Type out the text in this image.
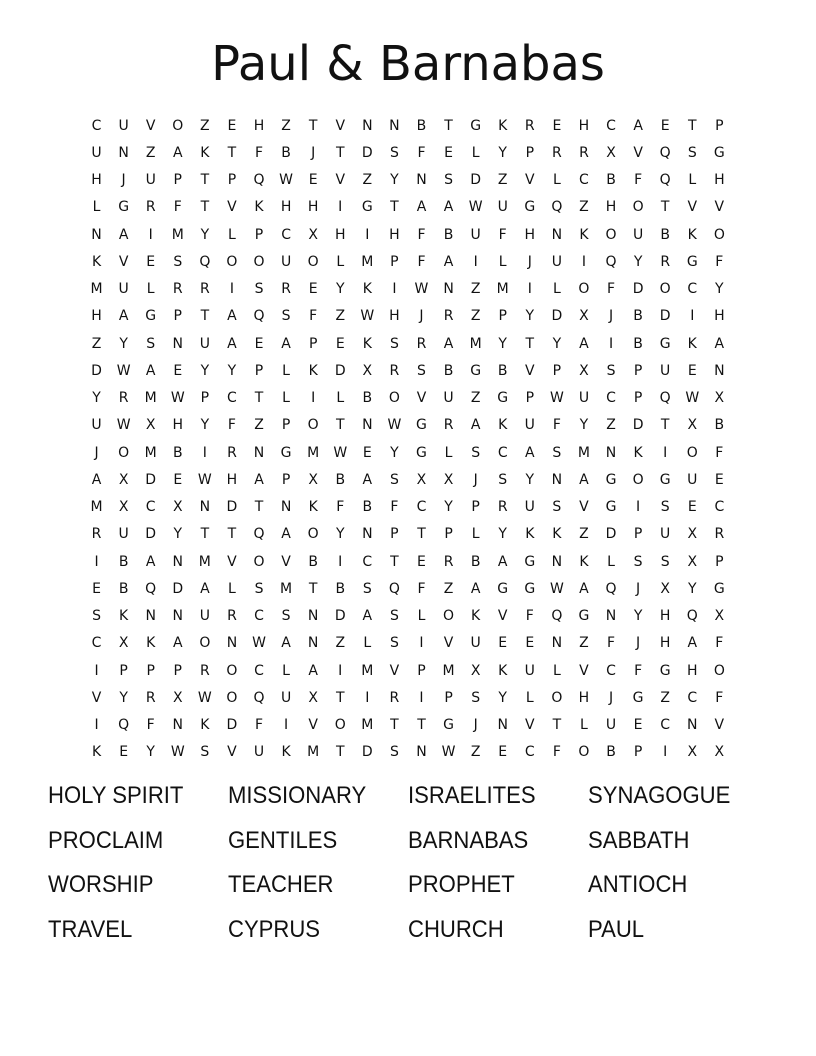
Paul & Barnabas
C	U	V	O	Z	E	H	Z	T	V	N	N	B	T	G	K	R	E	H	C	A	E	T	P
U	N	Z	A	K	T	F	B	J	T	D	S	F	E	L	Y	P	R	R	X	V	Q	S	G
H	J	U	P	T	P	Q	W	E	V	Z	Y	N	S	D	Z	V	L	C	B	F	Q	L	H
L	G	R	F	T	V	K	H	H	I	G	T	A	A	W	U	G	Q	Z	H	O	T	V	V
N	A	I	M	Y	L	P	C	X	H	I	H	F	B	U	F	H	N	K	O	U	B	K	O
K	V	E	S	Q	O	O	U	O	L	M	P	F	A	I	L	J	U	I	Q	Y	R	G	F
M	U	L	R	R	I	S	R	E	Y	K	I	W	N	Z	M	I	L	O	F	D	O	C	Y
H	A	G	P	T	A	Q	S	F	Z	W	H	J	R	Z	P	Y	D	X	J	B	D	I	H
Z	Y	S	N	U	A	E	A	P	E	K	S	R	A	M	Y	T	Y	A	I	B	G	K	A
D	W	A	E	Y	Y	P	L	K	D	X	R	S	B	G	B	V	P	X	S	P	U	E	N
Y	R	M	W	P	C	T	L	I	L	B	O	V	U	Z	G	P	W	U	C	P	Q	W	X
U	W	X	H	Y	F	Z	P	O	T	N	W	G	R	A	K	U	F	Y	Z	D	T	X	B
J	O	M	B	I	R	N	G	M	W	E	Y	G	L	S	C	A	S	M	N	K	I	O	F
A	X	D	E	W	H	A	P	X	B	A	S	X	X	J	S	Y	N	A	G	O	G	U	E
M	X	C	X	N	D	T	N	K	F	B	F	C	Y	P	R	U	S	V	G	I	S	E	C
R	U	D	Y	T	T	Q	A	O	Y	N	P	T	P	L	Y	K	K	Z	D	P	U	X	R
I	B	A	N	M	V	O	V	B	I	C	T	E	R	B	A	G	N	K	L	S	S	X	P
E	B	Q	D	A	L	S	M	T	B	S	Q	F	Z	A	G	G	W	A	Q	J	X	Y	G
S	K	N	N	U	R	C	S	N	D	A	S	L	O	K	V	F	Q	G	N	Y	H	Q	X
C	X	K	A	O	N	W	A	N	Z	L	S	I	V	U	E	E	N	Z	F	J	H	A	F
I	P	P	P	R	O	C	L	A	I	M	V	P	M	X	K	U	L	V	C	F	G	H	O
V	Y	R	X	W	O	Q	U	X	T	I	R	I	P	S	Y	L	O	H	J	G	Z	C	F
I	Q	F	N	K	D	F	I	V	O	M	T	T	G	J	N	V	T	L	U	E	C	N	V
K	E	Y	W	S	V	U	K	M	T	D	S	N	W	Z	E	C	F	O	B	P	I	X	X
HOLY SPIRIT	MISSIONARY	ISRAELITES	SYNAGOGUE
PROCLAIM	GENTILES	BARNABAS	SABBATH
WORSHIP	TEACHER	PROPHET	ANTIOCH
TRAVEL	CYPRUS	CHURCH	PAUL
